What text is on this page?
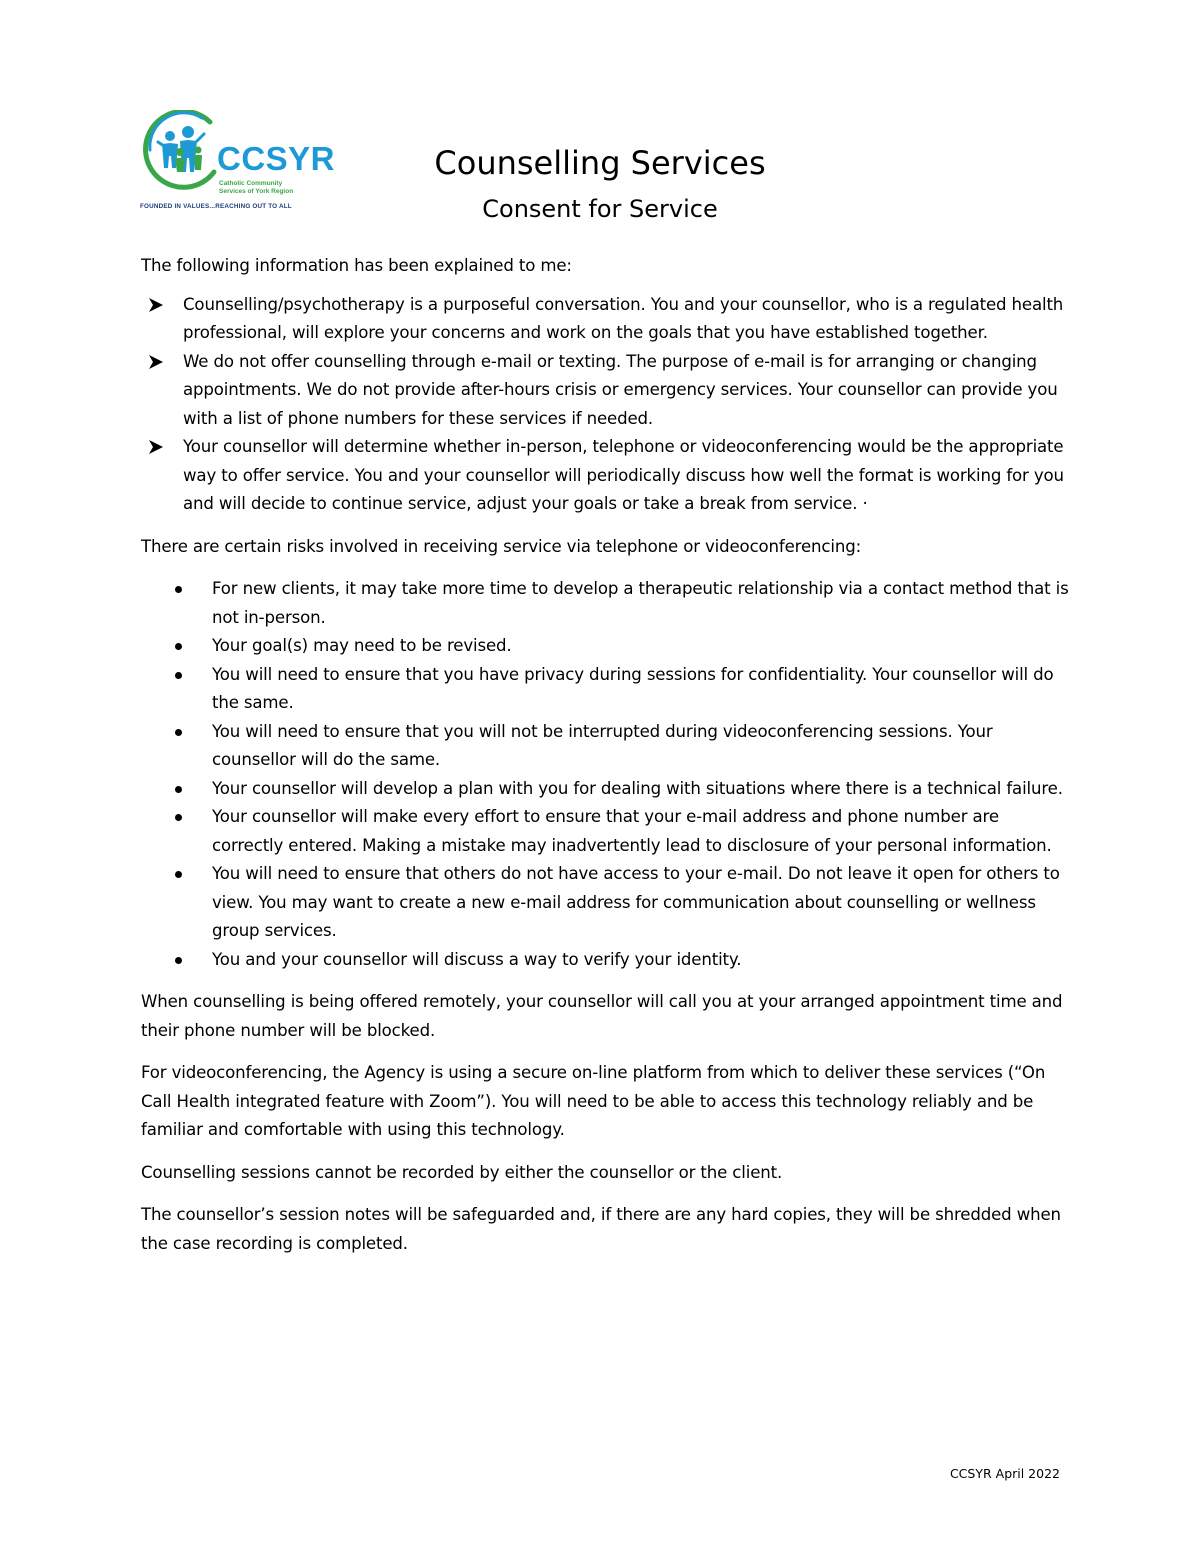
CCSYR
Catholic Community Services of York Region
FOUNDED IN VALUES...REACHING OUT TO ALL
Counselling Services
Consent for Service

The following information has been explained to me:

Counselling/psychotherapy is a purposeful conversation. You and your counsellor, who is a regulated health professional, will explore your concerns and work on the goals that you have established together.
We do not offer counselling through e-mail or texting. The purpose of e-mail is for arranging or changing appointments. We do not provide after-hours crisis or emergency services. Your counsellor can provide you with a list of phone numbers for these services if needed.
Your counsellor will determine whether in-person, telephone or videoconferencing would be the appropriate way to offer service. You and your counsellor will periodically discuss how well the format is working for you and will decide to continue service, adjust your goals or take a break from service. ·

There are certain risks involved in receiving service via telephone or videoconferencing:

For new clients, it may take more time to develop a therapeutic relationship via a contact method that is not in-person.
Your goal(s) may need to be revised.
You will need to ensure that you have privacy during sessions for confidentiality. Your counsellor will do the same.
You will need to ensure that you will not be interrupted during videoconferencing sessions. Your counsellor will do the same.
Your counsellor will develop a plan with you for dealing with situations where there is a technical failure.
Your counsellor will make every effort to ensure that your e-mail address and phone number are correctly entered. Making a mistake may inadvertently lead to disclosure of your personal information.
You will need to ensure that others do not have access to your e-mail. Do not leave it open for others to view. You may want to create a new e-mail address for communication about counselling or wellness group services.
You and your counsellor will discuss a way to verify your identity.

When counselling is being offered remotely, your counsellor will call you at your arranged appointment time and their phone number will be blocked.

For videoconferencing, the Agency is using a secure on-line platform from which to deliver these services (“On Call Health integrated feature with Zoom”). You will need to be able to access this technology reliably and be familiar and comfortable with using this technology.

Counselling sessions cannot be recorded by either the counsellor or the client.

The counsellor’s session notes will be safeguarded and, if there are any hard copies, they will be shredded when the case recording is completed.

CCSYR April 2022
